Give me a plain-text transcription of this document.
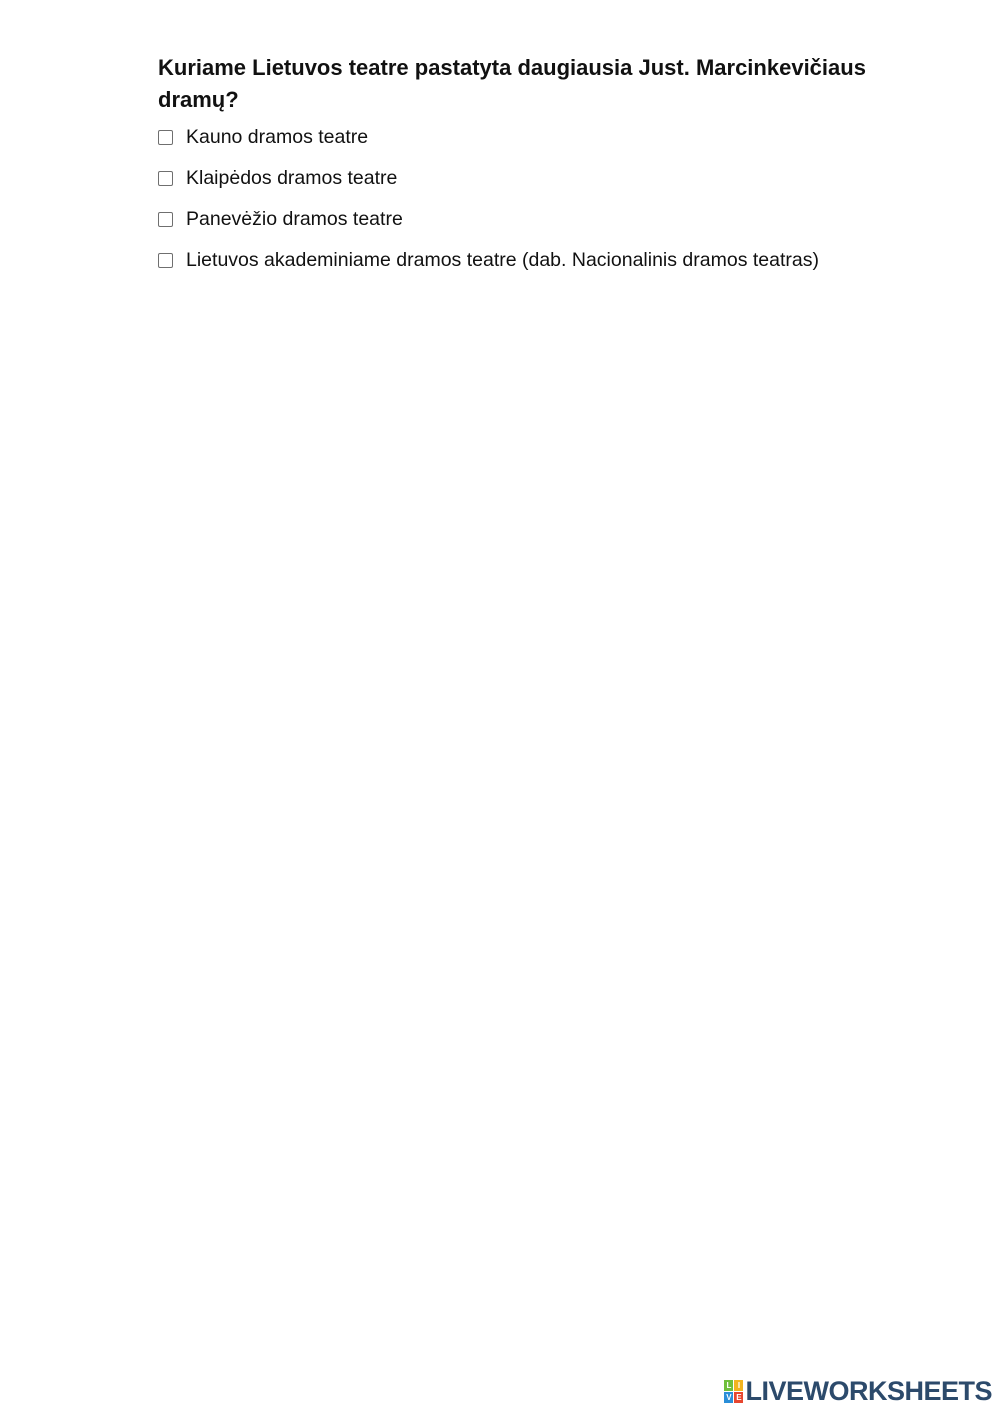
Kuriame Lietuvos teatre pastatyta daugiausia Just. Marcinkevičiaus dramų?
Kauno dramos teatre
Klaipėdos dramos teatre
Panevėžio dramos teatre
Lietuvos akademiniame dramos teatre (dab. Nacionalinis dramos teatras)
L I
V E LIVEWORKSHEETS
